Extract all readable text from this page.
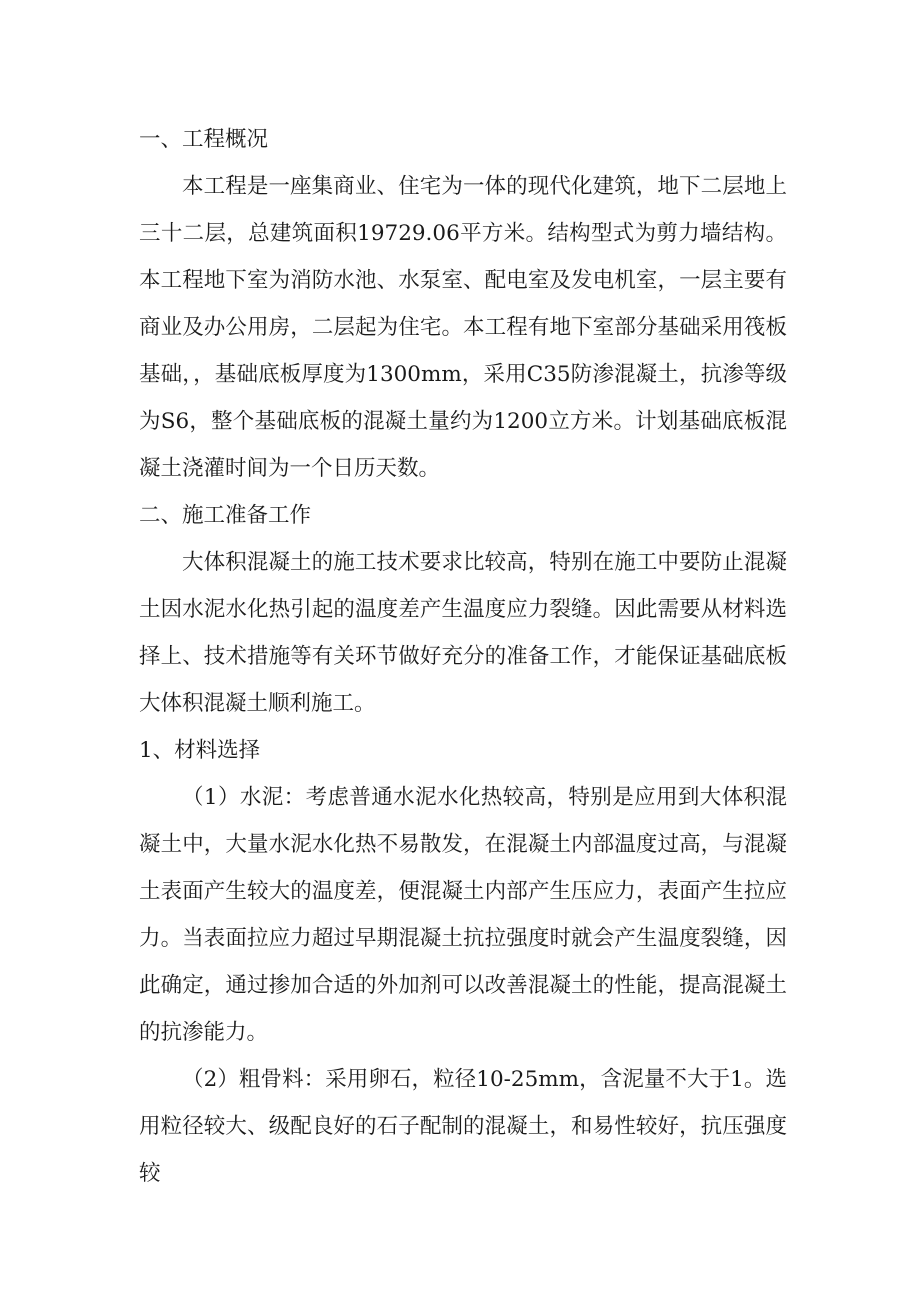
一、工程概况

本工程是一座集商业、住宅为一体的现代化建筑，地下二层地上三十二层，总建筑面积19729.06平方米。结构型式为剪力墙结构。本工程地下室为消防水池、水泵室、配电室及发电机室，一层主要有商业及办公用房，二层起为住宅。本工程有地下室部分基础采用筏板基础，，基础底板厚度为1300mm，采用C35防渗混凝土，抗渗等级为S6，整个基础底板的混凝土量约为1200立方米。计划基础底板混凝土浇灌时间为一个日历天数。

二、施工准备工作

大体积混凝土的施工技术要求比较高，特别在施工中要防止混凝土因水泥水化热引起的温度差产生温度应力裂缝。因此需要从材料选择上、技术措施等有关环节做好充分的准备工作，才能保证基础底板大体积混凝土顺利施工。

1、材料选择

（1）水泥：考虑普通水泥水化热较高，特别是应用到大体积混凝土中，大量水泥水化热不易散发，在混凝土内部温度过高，与混凝土表面产生较大的温度差，便混凝土内部产生压应力，表面产生拉应力。当表面拉应力超过早期混凝土抗拉强度时就会产生温度裂缝，因此确定，通过掺加合适的外加剂可以改善混凝土的性能，提高混凝土的抗渗能力。

（2）粗骨料：采用卵石，粒径10-25mm，含泥量不大于1。选用粒径较大、级配良好的石子配制的混凝土，和易性较好，抗压强度较
